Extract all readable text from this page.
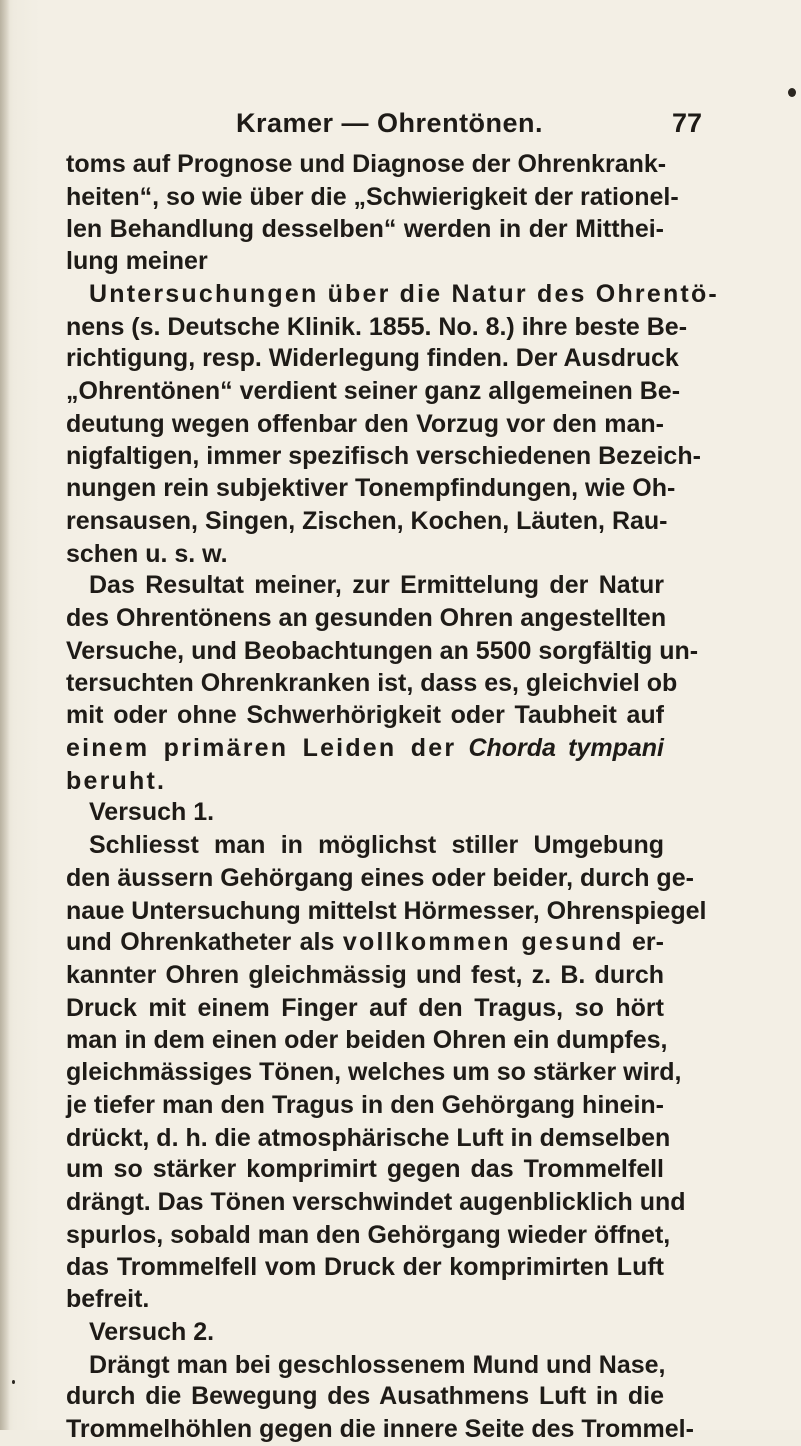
Kramer — Ohrentönen.	77
toms auf Prognose und Diagnose der Ohrenkrank-
heiten“, so wie über die „Schwierigkeit der rationel-
len Behandlung desselben“ werden in der Mitthei-
lung meiner
Untersuchungen über die Natur des Ohrentö-
nens (s. Deutsche Klinik. 1855. No. 8.) ihre beste Be-
richtigung, resp. Widerlegung finden. Der Ausdruck
„Ohrentönen“ verdient seiner ganz allgemeinen Be-
deutung wegen offenbar den Vorzug vor den man-
nigfaltigen, immer spezifisch verschiedenen Bezeich-
nungen rein subjektiver Tonempfindungen, wie Oh-
rensausen, Singen, Zischen, Kochen, Läuten, Rau-
schen u. s. w.
Das Resultat meiner, zur Ermittelung der Natur
des Ohrentönens an gesunden Ohren angestellten
Versuche, und Beobachtungen an 5500 sorgfältig un-
tersuchten Ohrenkranken ist, dass es, gleichviel ob
mit oder ohne Schwerhörigkeit oder Taubheit auf
einem primären Leiden der Chorda tympani
beruht.
Versuch 1.
Schliesst man in möglichst stiller Umgebung
den äussern Gehörgang eines oder beider, durch ge-
naue Untersuchung mittelst Hörmesser, Ohrenspiegel
und Ohrenkatheter als vollkommen gesund er-
kannter Ohren gleichmässig und fest, z. B. durch
Druck mit einem Finger auf den Tragus, so hört
man in dem einen oder beiden Ohren ein dumpfes,
gleichmässiges Tönen, welches um so stärker wird,
je tiefer man den Tragus in den Gehörgang hinein-
drückt, d. h. die atmosphärische Luft in demselben
um so stärker komprimirt gegen das Trommelfell
drängt. Das Tönen verschwindet augenblicklich und
spurlos, sobald man den Gehörgang wieder öffnet,
das Trommelfell vom Druck der komprimirten Luft
befreit.
Versuch 2.
Drängt man bei geschlossenem Mund und Nase,
durch die Bewegung des Ausathmens Luft in die
Trommelhöhlen gegen die innere Seite des Trommel-
